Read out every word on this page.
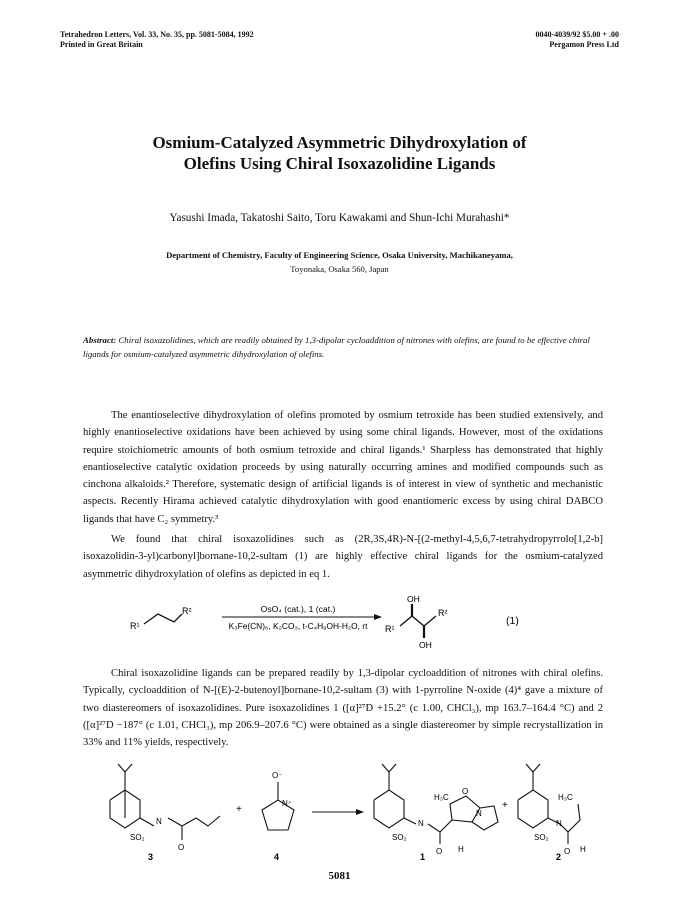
Tetrahedron Letters, Vol. 33, No. 35, pp. 5081-5084, 1992
Printed in Great Britain
0040-4039/92 $5.00 + .00
Pergamon Press Ltd
Osmium-Catalyzed Asymmetric Dihydroxylation of
Olefins Using Chiral Isoxazolidine Ligands
Yasushi Imada, Takatoshi Saito, Toru Kawakami and Shun-Ichi Murahashi*
Department of Chemistry, Faculty of Engineering Science, Osaka University, Machikaneyama,
Toyonaka, Osaka 560, Japan
Abstract: Chiral isoxazolidines, which are readily obtained by 1,3-dipolar cycloaddition of nitrones with olefins, are found to be effective chiral ligands for osmium-catalyzed asymmetric dihydroxylation of olefins.
The enantioselective dihydroxylation of olefins promoted by osmium tetroxide has been studied extensively, and highly enantioselective oxidations have been achieved by using some chiral ligands. However, most of the oxidations require stoichiometric amounts of both osmium tetroxide and chiral ligands.¹ Sharpless has demonstrated that highly enantioselective catalytic oxidation proceeds by using naturally occurring amines and modified compounds such as cinchona alkaloids.² Therefore, systematic design of artificial ligands is of interest in view of synthetic and mechanistic aspects. Recently Hirama achieved catalytic dihydroxylation with good enantiomeric excess by using chiral DABCO ligands that have C₂ symmetry.³
We found that chiral isoxazolidines such as (2R,3S,4R)-N-[(2-methyl-4,5,6,7-tetrahydropyrrolo[1,2-b] isoxazolidin-3-yl)carbonyl]bornane-10,2-sultam (1) are highly effective chiral ligands for the osmium-catalyzed asymmetric dihydroxylation of olefins as depicted in eq 1.
R¹
R²	OsO₄ (cat.), 1 (cat.)
K₃Fe(CN)₆, K₂CO₃, t-C₄H₉OH-H₂O, rt R¹
OH
OH
R²
(1)
Chiral isoxazolidine ligands can be prepared readily by 1,3-dipolar cycloaddition of nitrones with chiral olefins. Typically, cycloaddition of N-[(E)-2-butenoyl]bornane-10,2-sultam (3) with 1-pyrroline N-oxide (4)⁴ gave a mixture of two diastereomers of isoxazolidines. Pure isoxazolidines 1 ([α]²⁷D +15.2° (c 1.00, CHCl₃), mp 163.7–164.4 °C) and 2 ([α]²⁷D −187° (c 1.01, CHCl₃), mp 206.9–207.6 °C) were obtained as a single diastereomer by simple recrystallization in 33% and 11% yields, respectively.
SO₂
N
O
3
+
O⁻
N⁺
4
SO₂
N
O
H₃C
O
N
H
1
+
SO₂
N
O
H₃C
H
2
5081
